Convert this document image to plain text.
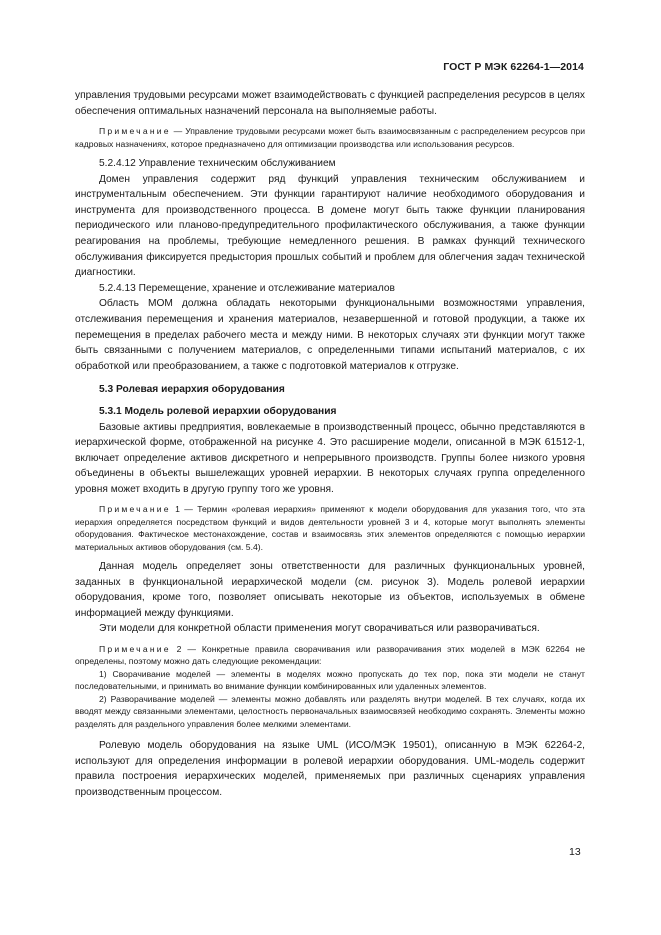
ГОСТ Р МЭК 62264-1—2014

управления трудовыми ресурсами может взаимодействовать с функцией распределения ресурсов в целях обеспечения оптимальных назначений персонала на выполняемые работы.

Примечание — Управление трудовыми ресурсами может быть взаимосвязанным с распределением ресурсов при кадровых назначениях, которое предназначено для оптимизации производства или использования ресурсов.

5.2.4.12 Управление техническим обслуживанием

Домен управления содержит ряд функций управления техническим обслуживанием и инструментальным обеспечением. Эти функции гарантируют наличие необходимого оборудования и инструмента для производственного процесса. В домене могут быть также функции планирования периодического или планово-предупредительного профилактического обслуживания, а также функции реагирования на проблемы, требующие немедленного решения. В рамках функций технического обслуживания фиксируется предыстория прошлых событий и проблем для облегчения задач технической диагностики.

5.2.4.13 Перемещение, хранение и отслеживание материалов

Область МОМ должна обладать некоторыми функциональными возможностями управления, отслеживания перемещения и хранения материалов, незавершенной и готовой продукции, а также их перемещения в пределах рабочего места и между ними. В некоторых случаях эти функции могут также быть связанными с получением материалов, с определенными типами испытаний материалов, с их обработкой или преобразованием, а также с подготовкой материалов к отгрузке.

5.3 Ролевая иерархия оборудования

5.3.1 Модель ролевой иерархии оборудования

Базовые активы предприятия, вовлекаемые в производственный процесс, обычно представляются в иерархической форме, отображенной на рисунке 4. Это расширение модели, описанной в МЭК 61512-1, включает определение активов дискретного и непрерывного производств. Группы более низкого уровня объединены в объекты вышележащих уровней иерархии. В некоторых случаях группа определенного уровня может входить в другую группу того же уровня.

Примечание 1 — Термин «ролевая иерархия» применяют к модели оборудования для указания того, что эта иерархия определяется посредством функций и видов деятельности уровней 3 и 4, которые могут выполнять элементы оборудования. Фактическое местонахождение, состав и взаимосвязь этих элементов определяются с помощью иерархии материальных активов оборудования (см. 5.4).

Данная модель определяет зоны ответственности для различных функциональных уровней, заданных в функциональной иерархической модели (см. рисунок 3). Модель ролевой иерархии оборудования, кроме того, позволяет описывать некоторые из объектов, используемых в обмене информацией между функциями.

Эти модели для конкретной области применения могут сворачиваться или разворачиваться.

Примечание 2 — Конкретные правила сворачивания или разворачивания этих моделей в МЭК 62264 не определены, поэтому можно дать следующие рекомендации:

1) Сворачивание моделей — элементы в моделях можно пропускать до тех пор, пока эти модели не станут последовательными, и принимать во внимание функции комбинированных или удаленных элементов.

2) Разворачивание моделей — элементы можно добавлять или разделять внутри моделей. В тех случаях, когда их вводят между связанными элементами, целостность первоначальных взаимосвязей необходимо сохранять. Элементы можно разделять для раздельного управления более мелкими элементами.

Ролевую модель оборудования на языке UML (ИСО/МЭК 19501), описанную в МЭК 62264-2, используют для определения информации в ролевой иерархии оборудования. UML-модель содержит правила построения иерархических моделей, применяемых при различных сценариях управления производственным процессом.

13
